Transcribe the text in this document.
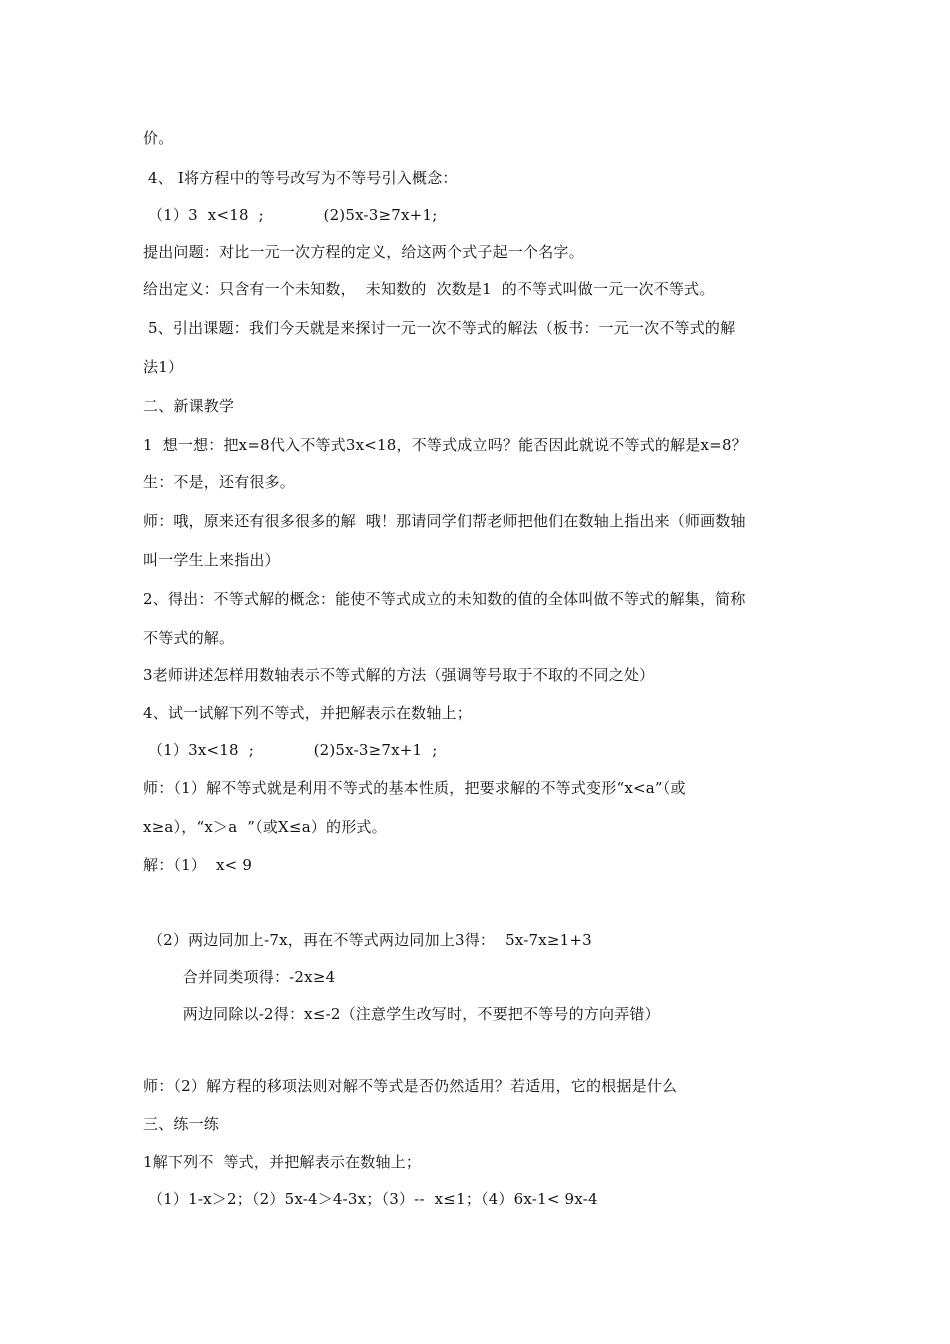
价。
4、 I将方程中的等号改写为不等号引入概念：
（1）3  x<18  ;            (2)5x-3≥7x+1;
提出问题：对比一元一次方程的定义，给这两个式子起一个名字。
给出定义：只含有一个未知数，  未知数的  次数是1  的不等式叫做一元一次不等式。
5、引出课题：我们今天就是来探讨一元一次不等式的解法（板书：一元一次不等式的解
法1）
二、新课教学
1  想一想：把x=8代入不等式3x<18，不等式成立吗？能否因此就说不等式的解是x=8？
生：不是，还有很多。
师：哦，原来还有很多很多的解  哦！那请同学们帮老师把他们在数轴上指出来（师画数轴
叫一学生上来指出）
2、得出：不等式解的概念：能使不等式成立的未知数的值的全体叫做不等式的解集，简称
不等式的解。
3老师讲述怎样用数轴表示不等式解的方法（强调等号取于不取的不同之处）
4、试一试解下列不等式，并把解表示在数轴上；
（1）3x<18  ;            (2)5x-3≥7x+1  ;
师：（1）解不等式就是利用不等式的基本性质，把要求解的不等式变形“x<a”（或
x≥a），“x＞a  ”（或X≤a）的形式。
解：（1）  x< 9
（2）两边同加上-7x，再在不等式两边同加上3得：  5x-7x≥1+3
合并同类项得：-2x≥4
两边同除以-2得：x≤-2（注意学生改写时，不要把不等号的方向弄错）
师：（2）解方程的移项法则对解不等式是否仍然适用？若适用，它的根据是什么
三、练一练
1解下列不  等式，并把解表示在数轴上；
（1）1-x＞2；（2）5x-4＞4-3x；（3）--  x≤1；（4）6x-1< 9x-4
